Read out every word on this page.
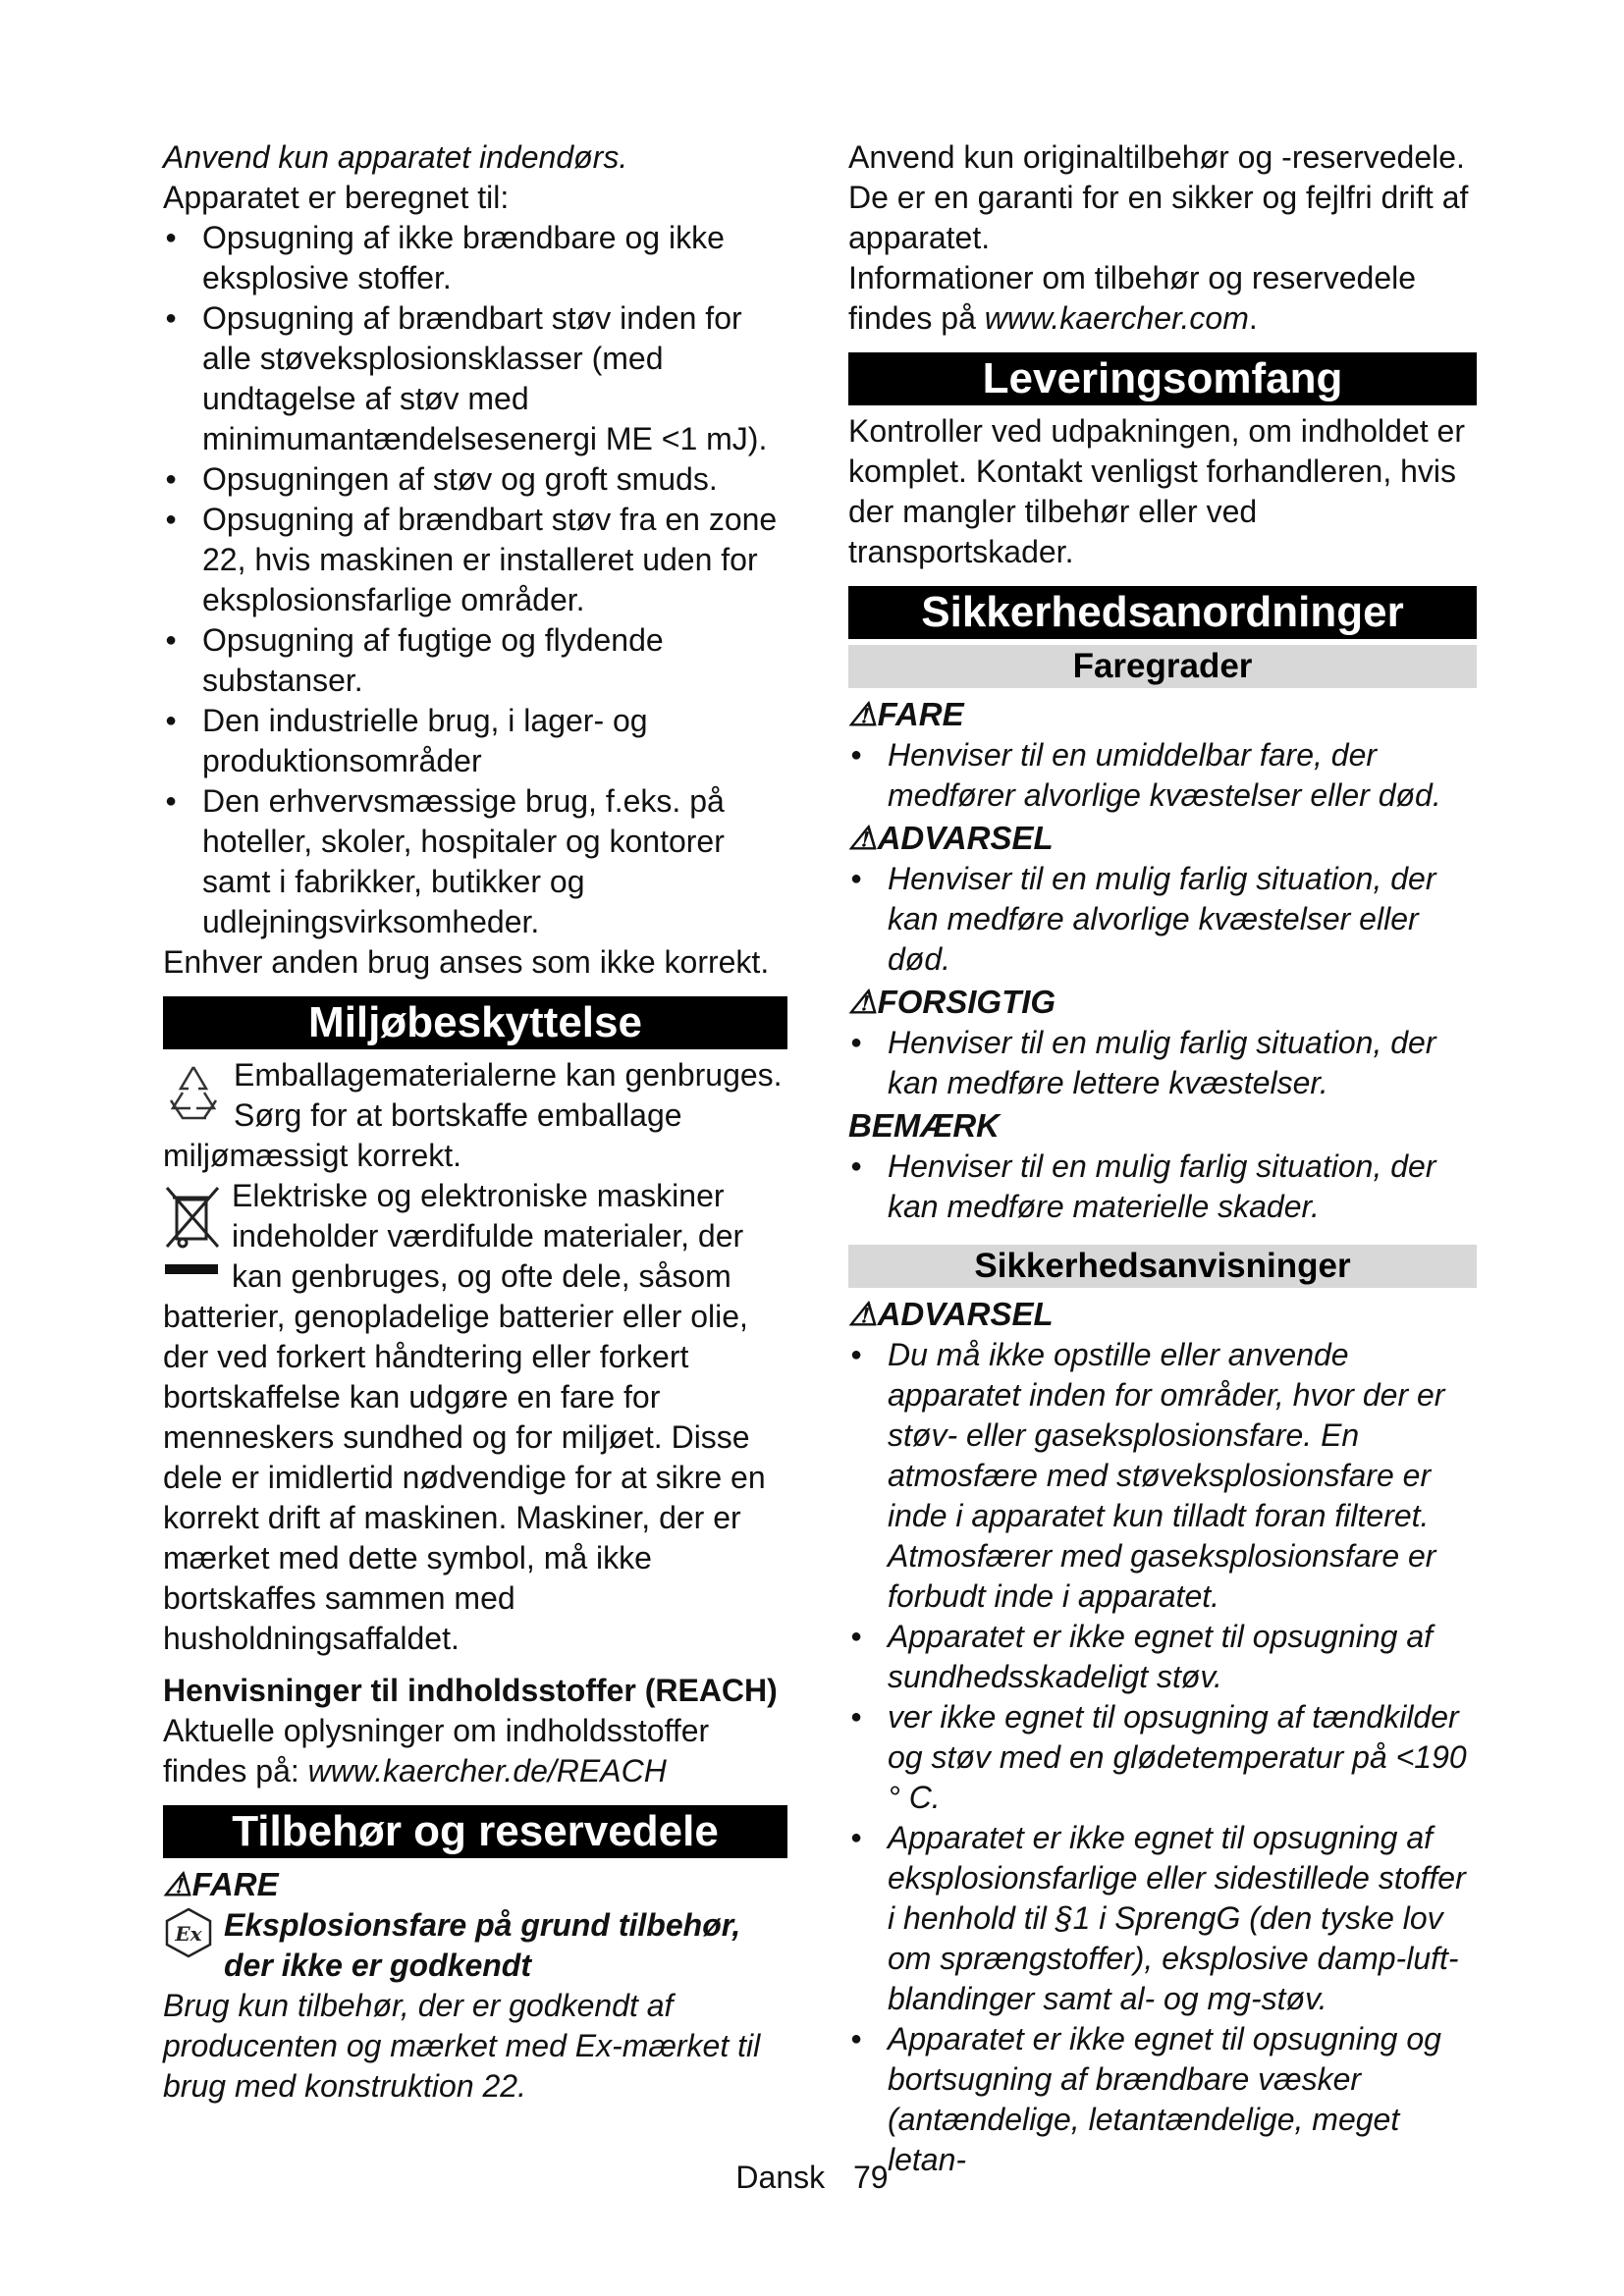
Anvend kun apparatet indendørs.

Apparatet er beregnet til:

● Opsugning af ikke brændbare og ikke eksplosive stoffer.
● Opsugning af brændbart støv inden for alle støveksplosionsklasser (med undtagelse af støv med minimumantændelsesenergi ME <1 mJ).
● Opsugningen af støv og groft smuds.
● Opsugning af brændbart støv fra en zone 22, hvis maskinen er installeret uden for eksplosionsfarlige områder.
● Opsugning af fugtige og flydende substanser.
● Den industrielle brug, i lager- og produktionsområder
● Den erhvervsmæssige brug, f.eks. på hoteller, skoler, hospitaler og kontorer samt i fabrikker, butikker og udlejningsvirksomheder.

Enhver anden brug anses som ikke korrekt.

Miljøbeskyttelse

Emballagematerialerne kan genbruges. Sørg for at bortskaffe emballage miljømæssigt korrekt.

Elektriske og elektroniske maskiner indeholder værdifulde materialer, der kan genbruges, og ofte dele, såsom batterier, genopladelige batterier eller olie, der ved forkert håndtering eller forkert bortskaffelse kan udgøre en fare for menneskers sundhed og for miljøet. Disse dele er imidlertid nødvendige for at sikre en korrekt drift af maskinen. Maskiner, der er mærket med dette symbol, må ikke bortskaffes sammen med husholdningsaffaldet.

Henvisninger til indholdsstoffer (REACH)

Aktuelle oplysninger om indholdsstoffer findes på: www.kaercher.de/REACH

Tilbehør og reservedele

⚠FARE

Ex Eksplosionsfare på grund tilbehør, der ikke er godkendt

Brug kun tilbehør, der er godkendt af producenten og mærket med Ex-mærket til brug med konstruktion 22.

Anvend kun originaltilbehør og -reservedele. De er en garanti for en sikker og fejlfri drift af apparatet.

Informationer om tilbehør og reservedele findes på www.kaercher.com.

Leveringsomfang

Kontroller ved udpakningen, om indholdet er komplet. Kontakt venligst forhandleren, hvis der mangler tilbehør eller ved transportskader.

Sikkerhedsanordninger
Faregrader

⚠FARE

● Henviser til en umiddelbar fare, der medfører alvorlige kvæstelser eller død.

⚠ADVARSEL

● Henviser til en mulig farlig situation, der kan medføre alvorlige kvæstelser eller død.

⚠FORSIGTIG

● Henviser til en mulig farlig situation, der kan medføre lettere kvæstelser.

BEMÆRK

● Henviser til en mulig farlig situation, der kan medføre materielle skader.
Sikkerhedsanvisninger

⚠ADVARSEL

● Du må ikke opstille eller anvende apparatet inden for områder, hvor der er støv- eller gaseksplosionsfare. En atmosfære med støveksplosionsfare er inde i apparatet kun tilladt foran filteret. Atmosfærer med gaseksplosionsfare er forbudt inde i apparatet.
● Apparatet er ikke egnet til opsugning af sundhedsskadeligt støv.
● ver ikke egnet til opsugning af tændkilder og støv med en glødetemperatur på <190 ° C.
● Apparatet er ikke egnet til opsugning af eksplosionsfarlige eller sidestillede stoffer i henhold til §1 i SprengG (den tyske lov om sprængstoffer), eksplosive damp-luft-blandinger samt al- og mg-støv.
● Apparatet er ikke egnet til opsugning og bortsugning af brændbare væsker (antændelige, letantændelige, meget letan-
Dansk 79
